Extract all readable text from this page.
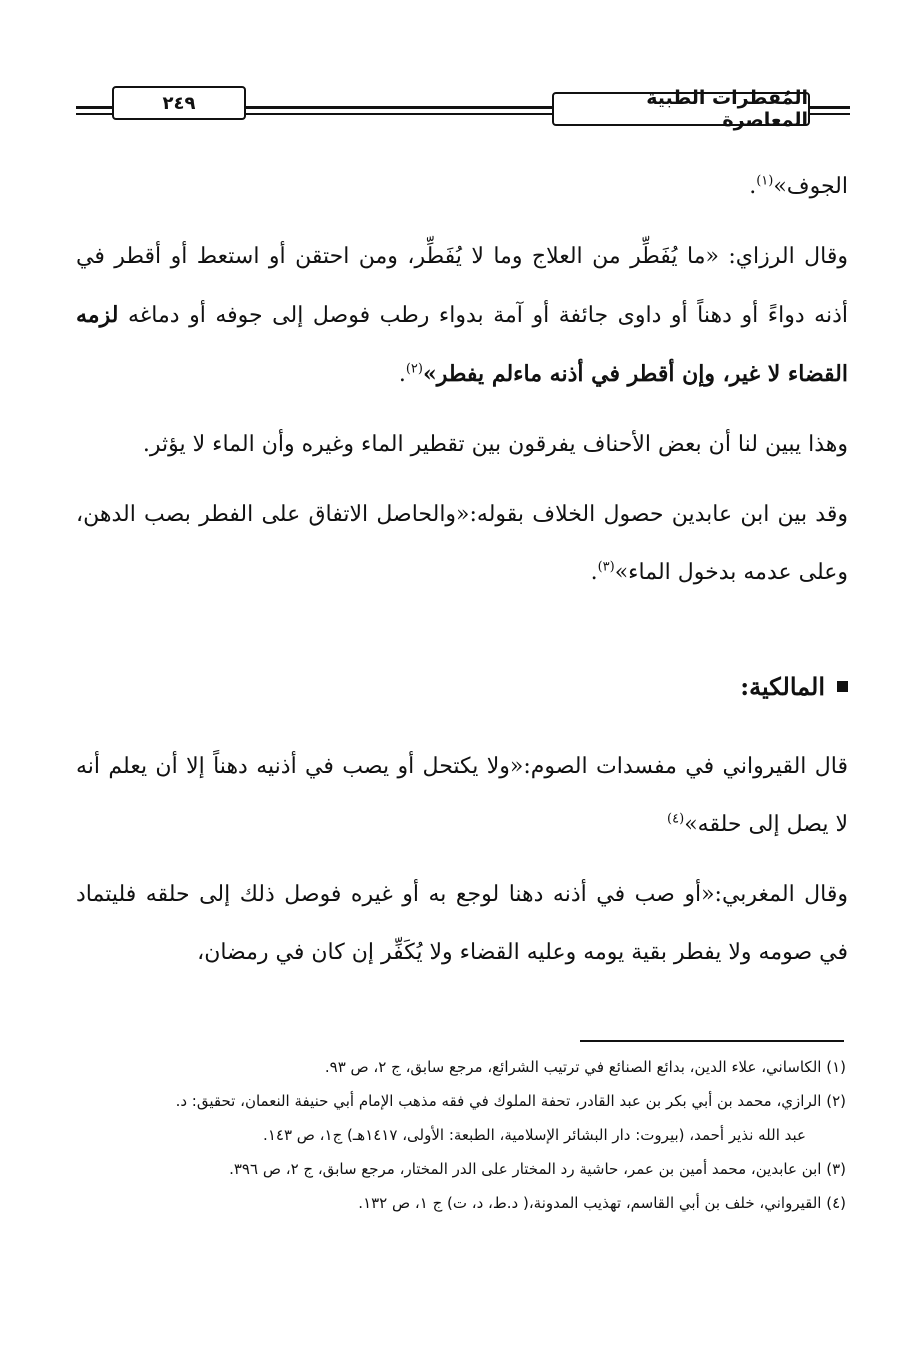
٢٤٩	المُفطرات الطبية المعاصرة

الجوف»$^{(١)}$.

وقال الرزاي: «ما يُفَطِّر من العلاج وما لا يُفَطِّر، ومن احتقن أو استعط أو أقطر في أذنه دواءً أو دهناً أو داوى جائفة أو آمة بدواء رطب فوصل إلى جوفه أو دماغه لزمه القضاء لا غير، وإن أقطر في أذنه ماءلم يفطر»$^{(٢)}$.

وهذا يبين لنا أن بعض الأحناف يفرقون بين تقطير الماء وغيره وأن الماء لا يؤثر.

وقد بين ابن عابدين حصول الخلاف بقوله:«والحاصل الاتفاق على الفطر بصب الدهن، وعلى عدمه بدخول الماء»$^{(٣)}$.

المالكية:

قال القيرواني في مفسدات الصوم:«ولا يكتحل أو يصب في أذنيه دهناً إلا أن يعلم أنه لا يصل إلى حلقه»$^{(٤)}$

وقال المغربي:«أو صب في أذنه دهنا لوجع به أو غيره فوصل ذلك إلى حلقه فليتماد في صومه ولا يفطر بقية يومه وعليه القضاء ولا يُكَفِّر إن كان في رمضان،

(١) الكاساني، علاء الدين، بدائع الصنائع في ترتيب الشرائع، مرجع سابق، ج ٢، ص ٩٣.

(٢) الرازي، محمد بن أبي بكر بن عبد القادر، تحفة الملوك في فقه مذهب الإمام أبي حنيفة النعمان، تحقيق: د.

عبد الله نذير أحمد، (بيروت: دار البشائر الإسلامية، الطبعة: الأولى، ١٤١٧هـ) ج١، ص ١٤٣.

(٣) ابن عابدين، محمد أمين بن عمر، حاشية رد المختار على الدر المختار، مرجع سابق، ج ٢، ص ٣٩٦.

(٤) القيرواني، خلف بن أبي القاسم، تهذيب المدونة،( د.ط، د، ت) ج ١، ص ١٣٢.
